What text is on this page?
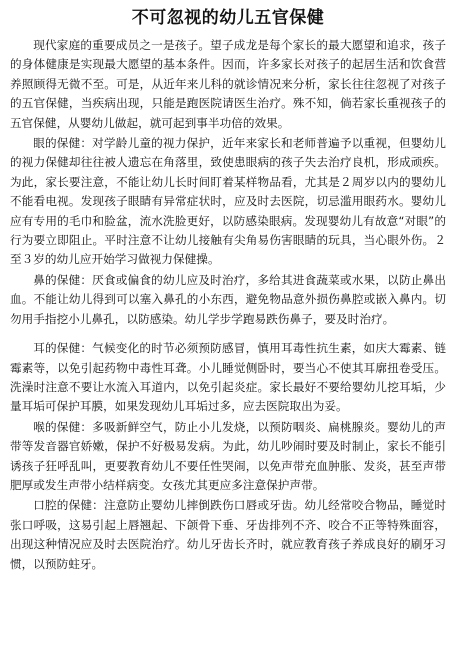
不可忽视的幼儿五官保健

现代家庭的重要成员之一是孩子。望子成龙是每个家长的最大愿望和追求，孩子的身体健康是实现最大愿望的基本条件。因而，许多家长对孩子的起居生活和饮食营养照顾得无微不至。可是，从近年来儿科的就诊情况来分析，家长往往忽视了对孩子的五官保健，当疾病出现，只能是跑医院请医生治疗。殊不知，倘若家长重视孩子的五官保健，从婴幼儿做起，就可起到事半功倍的效果。

眼的保健：对学龄儿童的视力保护，近年来家长和老师普遍予以重视，但婴幼儿的视力保健却往往被人遗忘在角落里，致使患眼病的孩子失去治疗良机，形成顽疾。为此，家长要注意，不能让幼儿长时间盯着某样物品看，尤其是２周岁以内的婴幼儿不能看电视。发现孩子眼睛有异常症状时，应及时去医院，切忌滥用眼药水。婴幼儿应有专用的毛巾和脸盆，流水洗脸更好，以防感染眼病。发现婴幼儿有故意“对眼”的行为要立即阻止。平时注意不让幼儿接触有尖角易伤害眼睛的玩具，当心眼外伤。２至３岁的幼儿应开始学习做视力保健操。

鼻的保健：厌食或偏食的幼儿应及时治疗，多给其进食蔬菜或水果，以防止鼻出血。不能让幼儿得到可以塞入鼻孔的小东西，避免物品意外损伤鼻腔或嵌入鼻内。切勿用手指挖小儿鼻孔，以防感染。幼儿学步学跑易跌伤鼻子，要及时治疗。

耳的保健：气候变化的时节必须预防感冒，慎用耳毒性抗生素，如庆大霉素、链霉素等，以免引起药物中毒性耳聋。小儿睡觉侧卧时，要当心不使其耳廓扭卷受压。洗澡时注意不要让水流入耳道内，以免引起炎症。家长最好不要给婴幼儿挖耳垢，少量耳垢可保护耳膜，如果发现幼儿耳垢过多，应去医院取出为妥。

喉的保健：多吸新鲜空气，防止小儿发烧，以预防咽炎、扁桃腺炎。婴幼儿的声带等发音器官娇嫩，保护不好极易发病。为此，幼儿吵闹时要及时制止，家长不能引诱孩子狂呼乱叫，更要教育幼儿不要任性哭闹，以免声带充血肿胀、发炎，甚至声带肥厚或发生声带小结样病变。女孩尤其更应多注意保护声带。

口腔的保健：注意防止婴幼儿摔倒跌伤口唇或牙齿。幼儿经常咬合物品，睡觉时张口呼吸，这易引起上唇翘起、下颌骨下垂、牙齿排列不齐、咬合不正等特殊面容，出现这种情况应及时去医院治疗。幼儿牙齿长齐时，就应教育孩子养成良好的刷牙习惯，以预防蛀牙。
